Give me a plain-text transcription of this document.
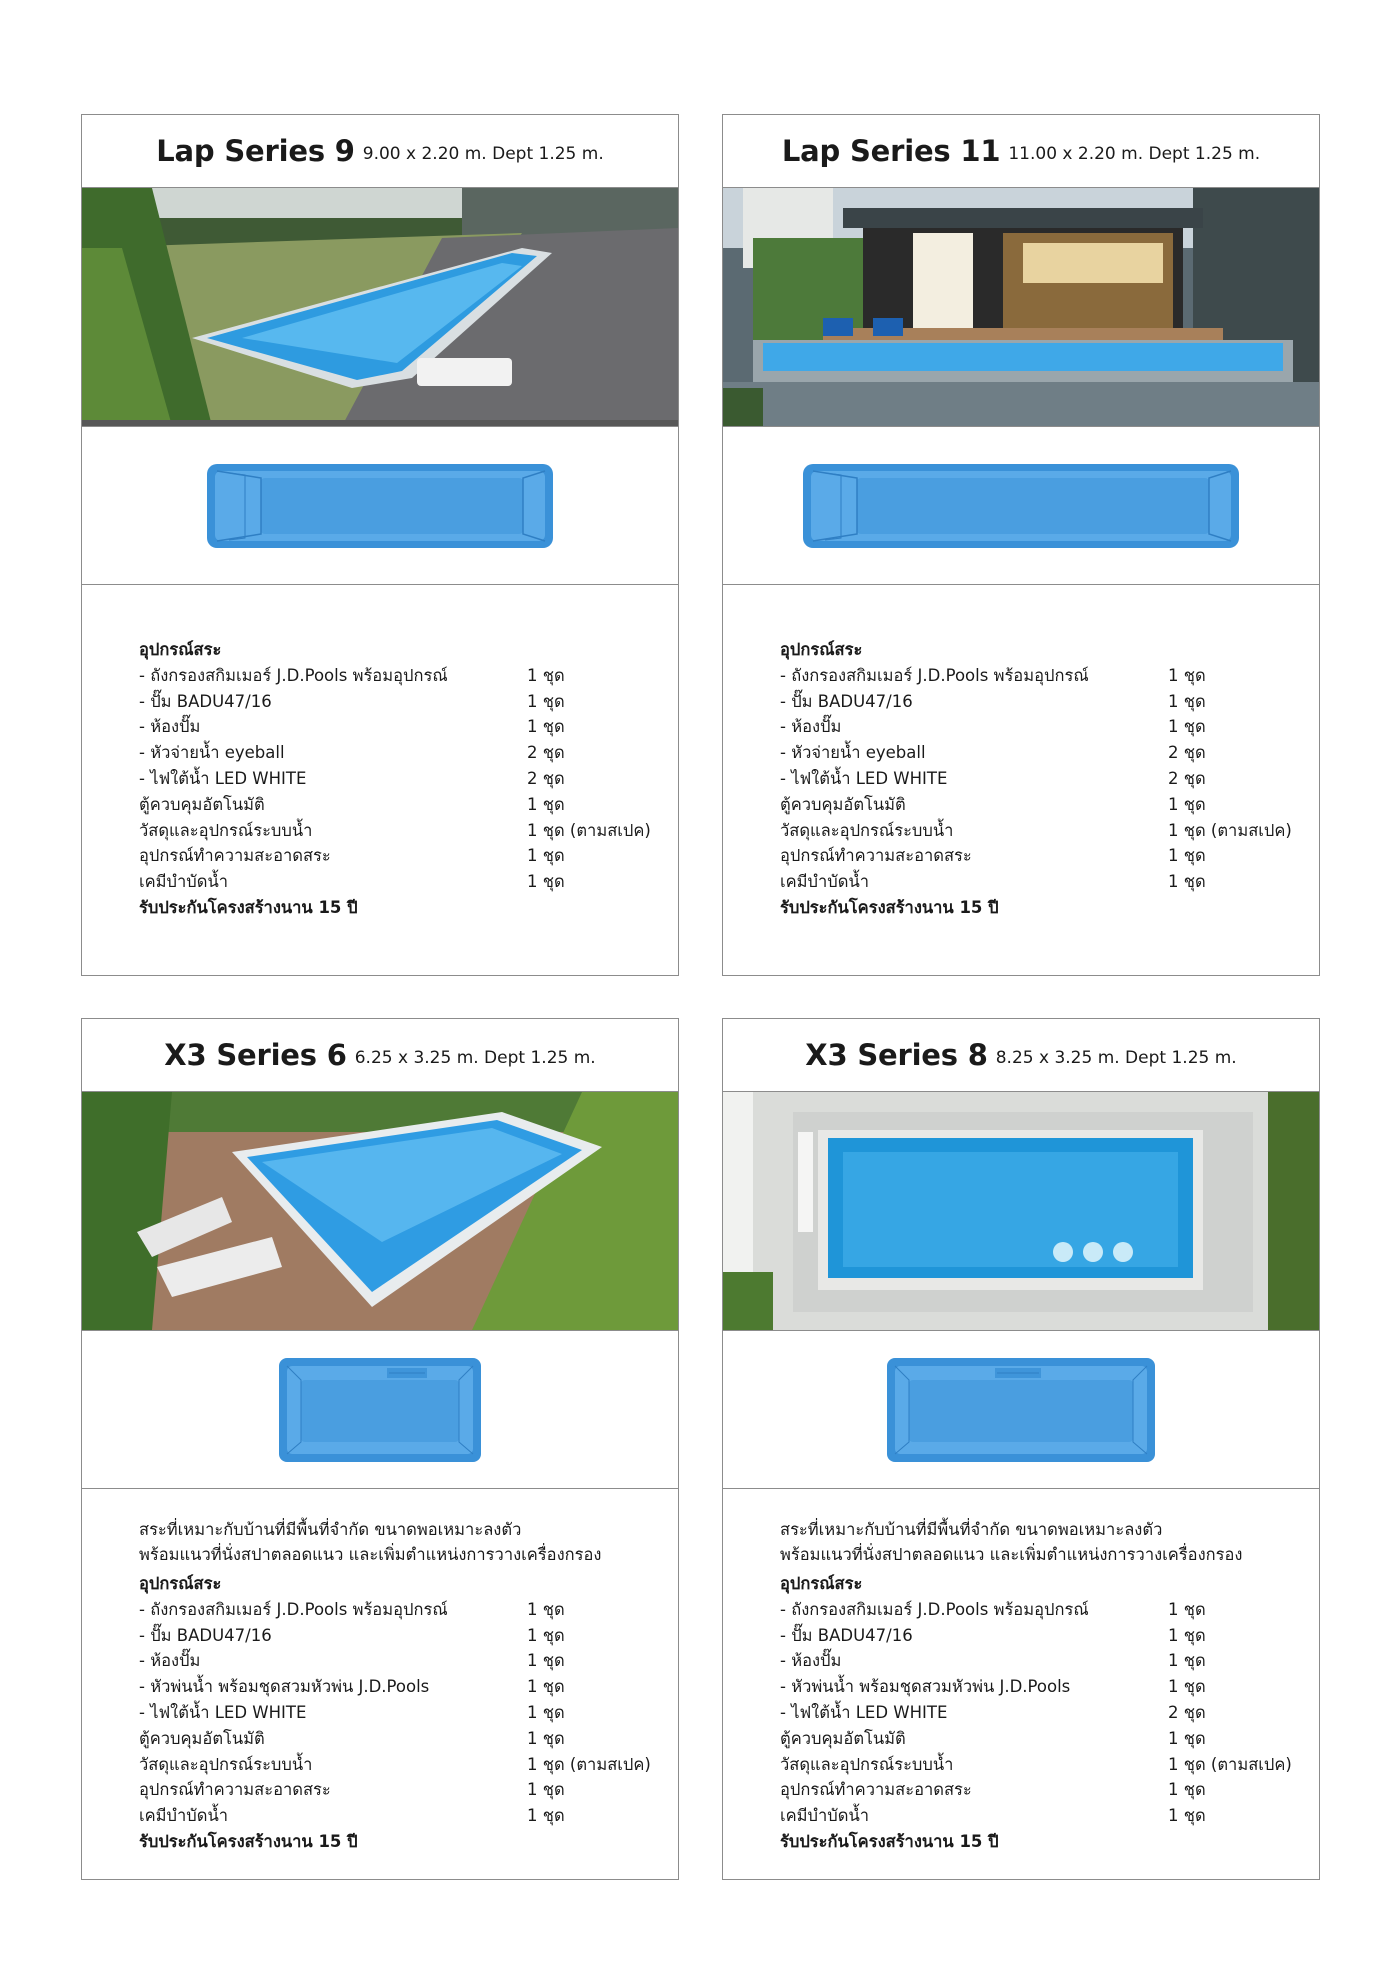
Lap Series 9 9.00 x 2.20 m. Dept 1.25 m.
อุปกรณ์สระ
- ถังกรองสกิมเมอร์ J.D.Pools พร้อมอุปกรณ์	1 ชุด
- ปั๊ม BADU47/16	1 ชุด
- ห้องปั๊ม	1 ชุด
- หัวจ่ายน้ำ eyeball	2 ชุด
- ไฟใต้น้ำ LED WHITE	2 ชุด
ตู้ควบคุมอัตโนมัติ	1 ชุด
วัสดุและอุปกรณ์ระบบน้ำ	1 ชุด (ตามสเปค)
อุปกรณ์ทำความสะอาดสระ	1 ชุด
เคมีบำบัดน้ำ	1 ชุด
รับประกันโครงสร้างนาน 15 ปี
Lap Series 11 11.00 x 2.20 m. Dept 1.25 m.
อุปกรณ์สระ
- ถังกรองสกิมเมอร์ J.D.Pools พร้อมอุปกรณ์	1 ชุด
- ปั๊ม BADU47/16	1 ชุด
- ห้องปั๊ม	1 ชุด
- หัวจ่ายน้ำ eyeball	2 ชุด
- ไฟใต้น้ำ LED WHITE	2 ชุด
ตู้ควบคุมอัตโนมัติ	1 ชุด
วัสดุและอุปกรณ์ระบบน้ำ	1 ชุด (ตามสเปค)
อุปกรณ์ทำความสะอาดสระ	1 ชุด
เคมีบำบัดน้ำ	1 ชุด
รับประกันโครงสร้างนาน 15 ปี
X3 Series 6 6.25 x 3.25 m. Dept 1.25 m.
สระที่เหมาะกับบ้านที่มีพื้นที่จำกัด ขนาดพอเหมาะลงตัว
พร้อมแนวที่นั่งสปาตลอดแนว และเพิ่มตำแหน่งการวางเครื่องกรอง
อุปกรณ์สระ
- ถังกรองสกิมเมอร์ J.D.Pools พร้อมอุปกรณ์	1 ชุด
- ปั๊ม BADU47/16	1 ชุด
- ห้องปั๊ม	1 ชุด
- หัวพ่นน้ำ พร้อมชุดสวมหัวพ่น J.D.Pools	1 ชุด
- ไฟใต้น้ำ LED WHITE	1 ชุด
ตู้ควบคุมอัตโนมัติ	1 ชุด
วัสดุและอุปกรณ์ระบบน้ำ	1 ชุด (ตามสเปค)
อุปกรณ์ทำความสะอาดสระ	1 ชุด
เคมีบำบัดน้ำ	1 ชุด
รับประกันโครงสร้างนาน 15 ปี
X3 Series 8 8.25 x 3.25 m. Dept 1.25 m.
สระที่เหมาะกับบ้านที่มีพื้นที่จำกัด ขนาดพอเหมาะลงตัว
พร้อมแนวที่นั่งสปาตลอดแนว และเพิ่มตำแหน่งการวางเครื่องกรอง
อุปกรณ์สระ
- ถังกรองสกิมเมอร์ J.D.Pools พร้อมอุปกรณ์	1 ชุด
- ปั๊ม BADU47/16	1 ชุด
- ห้องปั๊ม	1 ชุด
- หัวพ่นน้ำ พร้อมชุดสวมหัวพ่น J.D.Pools	1 ชุด
- ไฟใต้น้ำ LED WHITE	2 ชุด
ตู้ควบคุมอัตโนมัติ	1 ชุด
วัสดุและอุปกรณ์ระบบน้ำ	1 ชุด (ตามสเปค)
อุปกรณ์ทำความสะอาดสระ	1 ชุด
เคมีบำบัดน้ำ	1 ชุด
รับประกันโครงสร้างนาน 15 ปี
